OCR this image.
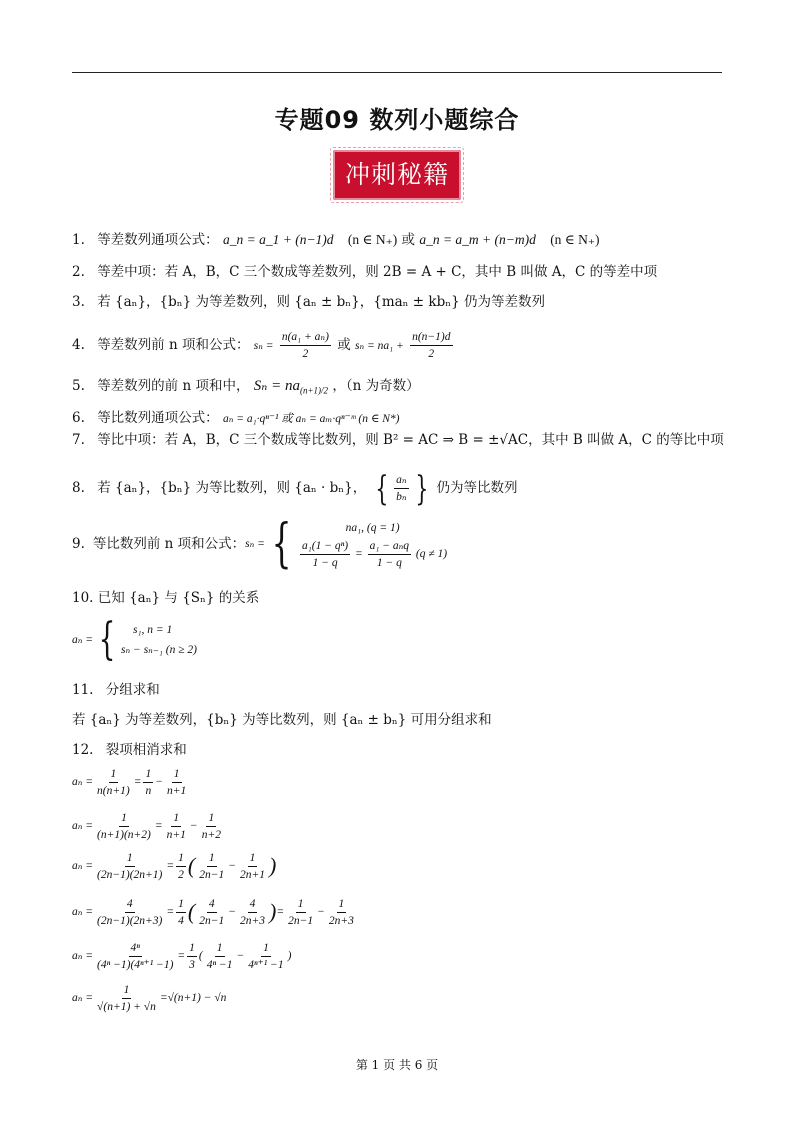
专题09 数列小题综合
冲刺秘籍
1. 等差数列通项公式： a_n = a_1 + (n−1)d (n ∈ N₊) 或 a_n = a_m + (n−m)d (n ∈ N₊)
2. 等差中项：若 A，B，C 三个数成等差数列，则 2B = A + C，其中 B 叫做 A，C 的等差中项
3. 若 {aₙ}，{bₙ} 为等差数列，则 {aₙ ± bₙ}，{maₙ ± kbₙ} 仍为等差数列
4. 等差数列前 n 项和公式： $s_n = \frac{\text{n(a₁ + aₙ)}}{2}$ 或 $s_n = na_1 + \frac{n(n-1)d}{2}$
5. 等差数列的前 n 项和中， $S_n = na_{(n+1)/2}$ ，（n 为奇数）
6. 等比数列通项公式： aₙ = a₁·qⁿ⁻¹ 或 aₙ = aₘ·qⁿ⁻ᵐ (n ∈ N*)
7. 等比中项：若 A，B，C 三个数成等比数列，则 B² = AC ⇒ B = ±√AC，其中 B 叫做 A，C 的等比中项
8. 若 {aₙ}，{bₙ} 为等比数列，则 {aₙ · bₙ}， { $\frac{\text{aₙ}}{\text{bₙ}}$ } 仍为等比数列
9. 等比数列前 n 项和公式： sₙ = {	na₁, (q = 1)
$\frac{\text{a₁(1 − qⁿ)}}{1 - q} = \frac{\text{a₁ − aₙq}}{1 - q} (q \ne 1)$
10. 已知 {aₙ} 与 {Sₙ} 的关系
aₙ = {	s₁, n = 1
sₙ − sₙ₋₁ (n ≥ 2)
11. 分组求和
若 {aₙ} 为等差数列，{bₙ} 为等比数列，则 {aₙ ± bₙ} 可用分组求和
12. 裂项相消求和
$a_n = \frac{1}{n(n+1)} = \frac{1}{n} - \frac{1}{n+1}$
$a_n = \frac{1}{(n+1)(n+2)} = \frac{1}{n+1} - \frac{1}{n+2}$
$a_n = \frac{1}{(2n-1)(2n+1)} = \frac{1}{2}$ ( $\frac{1}{2n-1} - \frac{1}{2n+1}$ )
$a_n = \frac{4}{(2n-1)(2n+3)} = \frac{1}{4}$ ( $\frac{4}{2n-1} - \frac{4}{2n+3}$ ) = $\frac{1}{2n-1} - \frac{1}{2n+3}$
$a_n = \frac{\text{4ⁿ}}{\text{(4ⁿ −1)(4ⁿ⁺¹ −1)}} = \frac{1}{3}$ ( $\frac{1}{\text{4ⁿ −1}} - \frac{1}{\text{4ⁿ⁺¹ −1}}$ )
$a_n = \frac{1}{√(n+1) + √n} = √(n+1) - √n$
第 1 页 共 6 页
